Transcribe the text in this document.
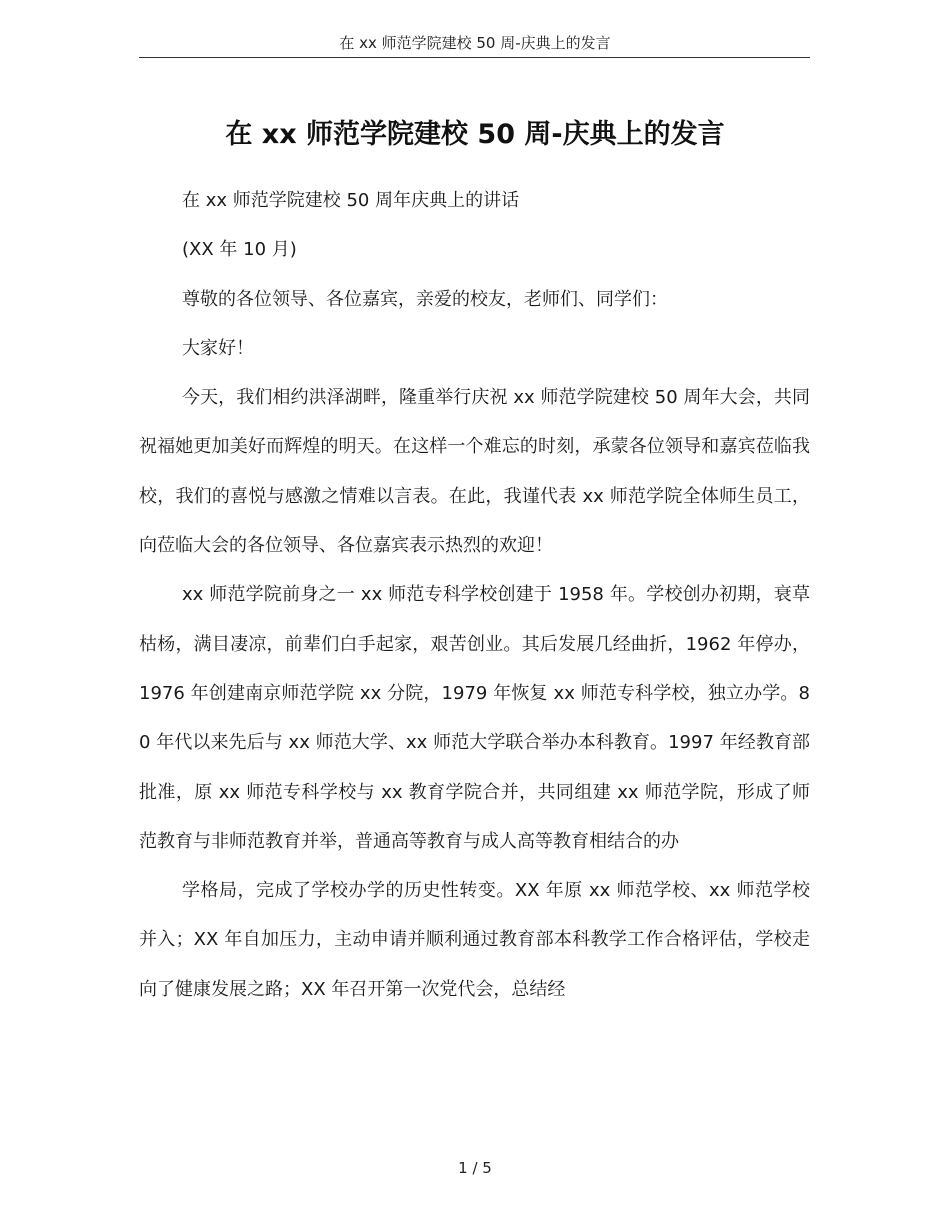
在 xx 师范学院建校 50 周-庆典上的发言
在 xx 师范学院建校 50 周-庆典上的发言

在 xx 师范学院建校 50 周年庆典上的讲话

(XX 年 10 月)

尊敬的各位领导、各位嘉宾，亲爱的校友，老师们、同学们：

大家好！

今天，我们相约洪泽湖畔，隆重举行庆祝 xx 师范学院建校 50 周年大会，共同祝福她更加美好而辉煌的明天。在这样一个难忘的时刻，承蒙各位领导和嘉宾莅临我校，我们的喜悦与感激之情难以言表。在此，我谨代表 xx 师范学院全体师生员工，向莅临大会的各位领导、各位嘉宾表示热烈的欢迎！

xx 师范学院前身之一 xx 师范专科学校创建于 1958 年。学校创办初期，衰草枯杨，满目凄凉，前辈们白手起家，艰苦创业。其后发展几经曲折，1962 年停办，1976 年创建南京师范学院 xx 分院，1979 年恢复 xx 师范专科学校，独立办学。80 年代以来先后与 xx 师范大学、xx 师范大学联合举办本科教育。1997 年经教育部批准，原 xx 师范专科学校与 xx 教育学院合并，共同组建 xx 师范学院，形成了师范教育与非师范教育并举，普通高等教育与成人高等教育相结合的办

学格局，完成了学校办学的历史性转变。XX 年原 xx 师范学校、xx 师范学校并入；XX 年自加压力，主动申请并顺利通过教育部本科教学工作合格评估，学校走向了健康发展之路；XX 年召开第一次党代会，总结经

1 / 5
